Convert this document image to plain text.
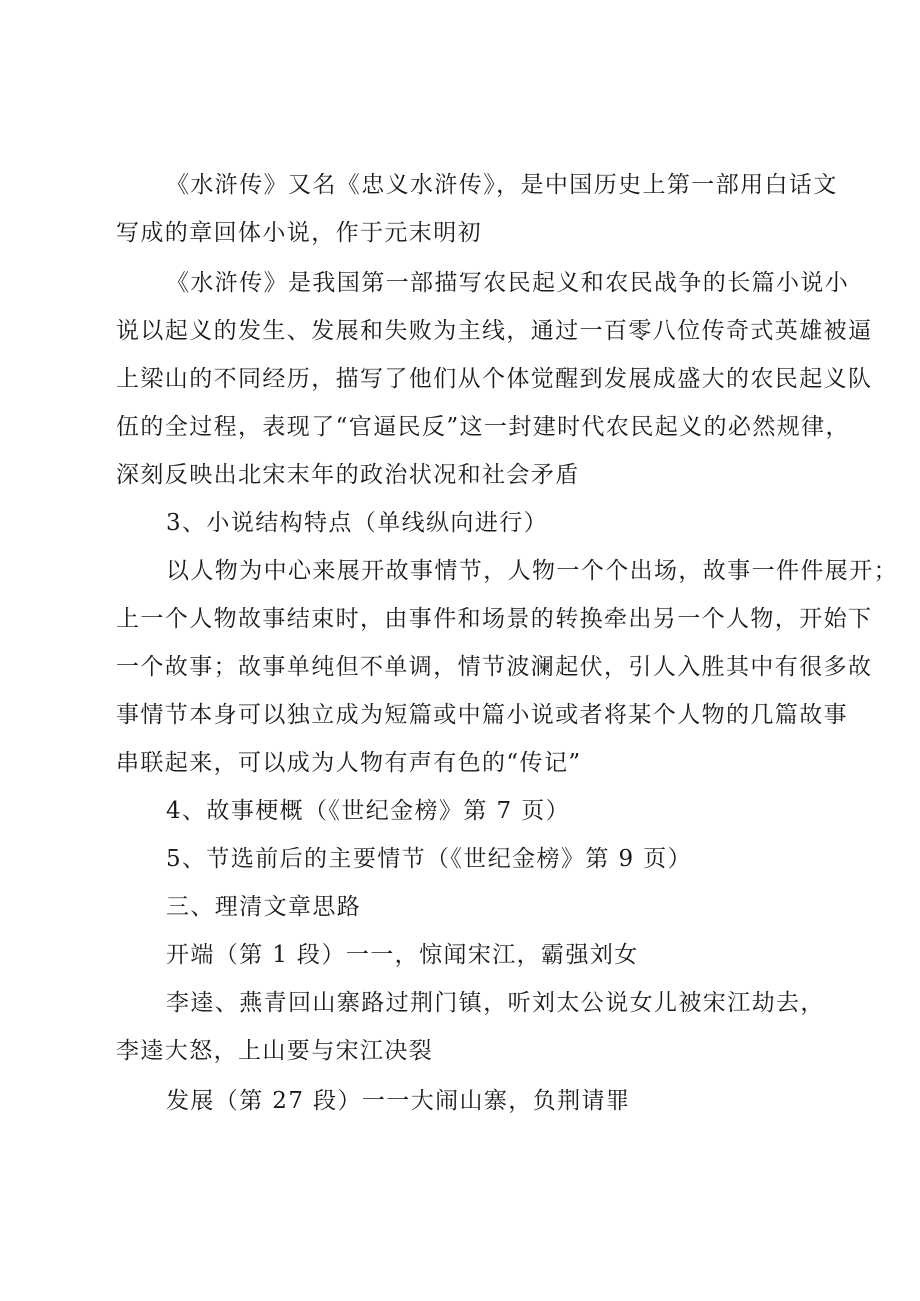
《水浒传》又名《忠义水浒传》，是中国历史上第一部用白话文
写成的章回体小说，作于元末明初
《水浒传》是我国第一部描写农民起义和农民战争的长篇小说小
说以起义的发生、发展和失败为主线，通过一百零八位传奇式英雄被逼
上梁山的不同经历，描写了他们从个体觉醒到发展成盛大的农民起义队
伍的全过程，表现了“官逼民反”这一封建时代农民起义的必然规律，
深刻反映出北宋末年的政治状况和社会矛盾
3、小说结构特点（单线纵向进行）
以人物为中心来展开故事情节，人物一个个出场，故事一件件展开；
上一个人物故事结束时，由事件和场景的转换牵出另一个人物，开始下
一个故事；故事单纯但不单调，情节波澜起伏，引人入胜其中有很多故
事情节本身可以独立成为短篇或中篇小说或者将某个人物的几篇故事
串联起来，可以成为人物有声有色的“传记”
4、故事梗概（《世纪金榜》第 7 页）
5、节选前后的主要情节（《世纪金榜》第 9 页）
三、理清文章思路
开端（第 1 段）一一，惊闻宋江，霸强刘女
李逵、燕青回山寨路过荆门镇，听刘太公说女儿被宋江劫去，
李逵大怒，上山要与宋江决裂
发展（第 27 段）一一大闹山寨，负荆请罪
